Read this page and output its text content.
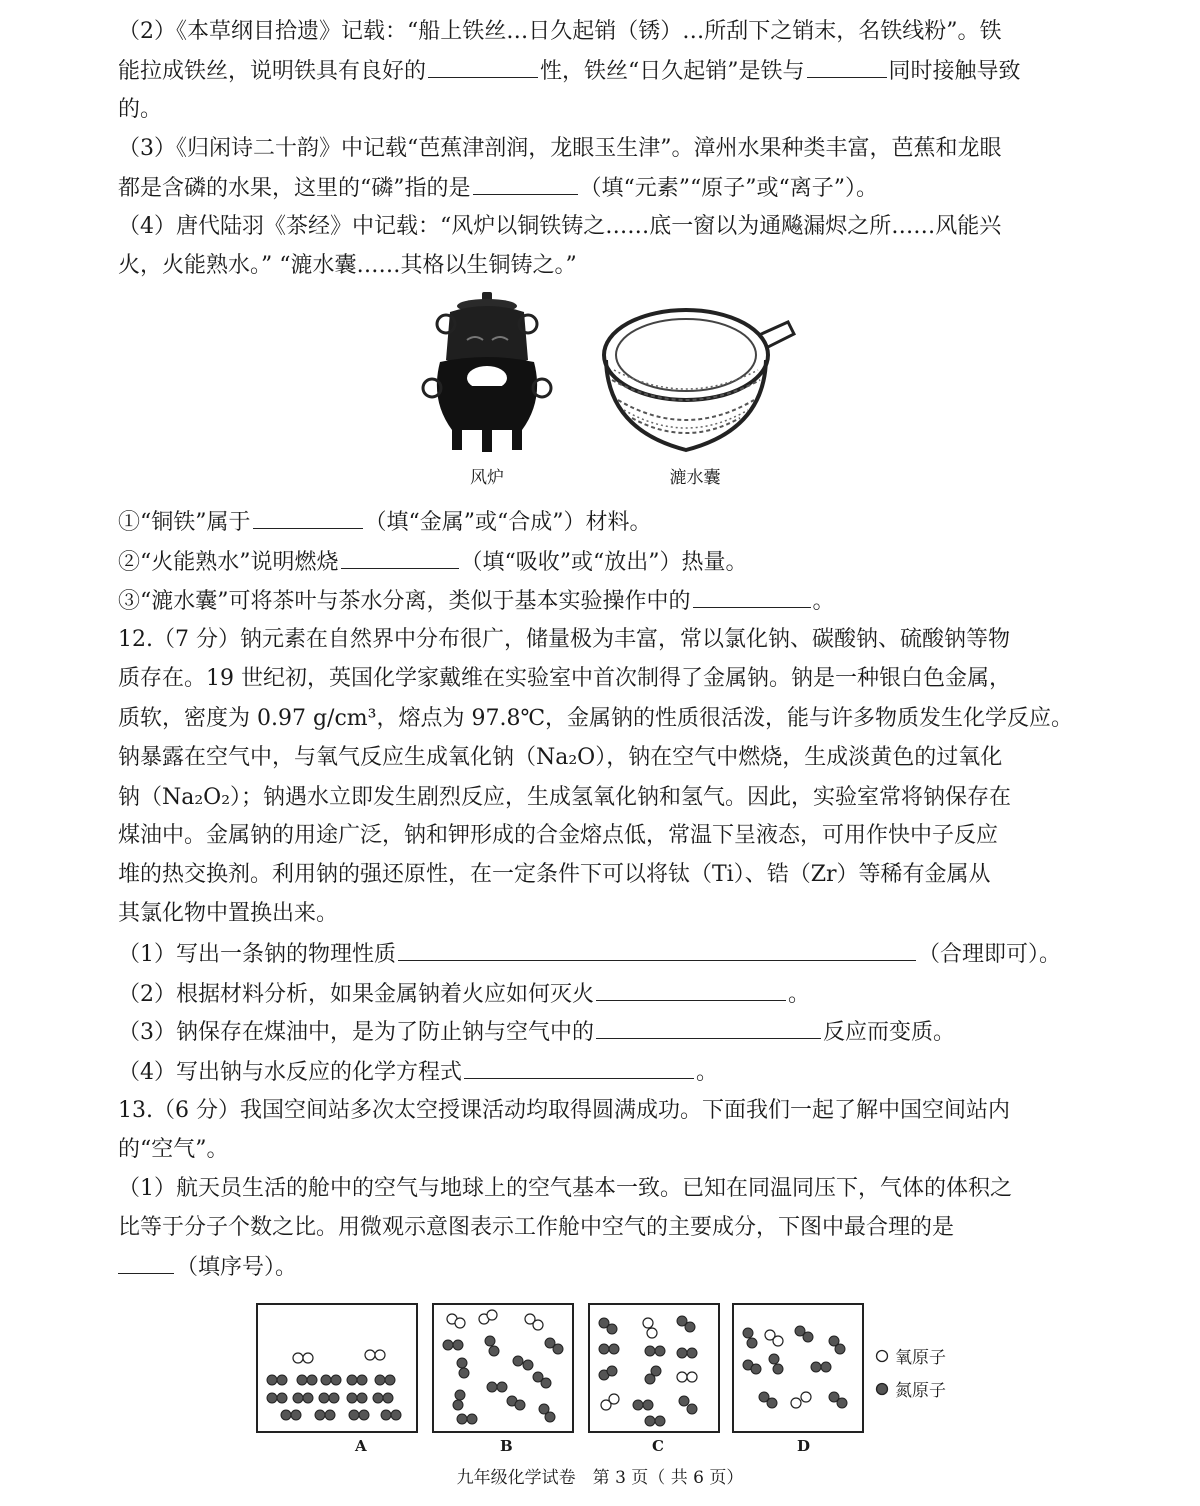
（2）《本草纲目拾遗》记载：“船上铁丝…日久起销（锈）…所刮下之销末，名铁线粉”。铁
能拉成铁丝，说明铁具有良好的	性，铁丝“日久起销”是铁与	同时接触导致
的。
（3）《归闲诗二十韵》中记载“芭蕉津剖润，龙眼玉生津”。漳州水果种类丰富，芭蕉和龙眼
都是含磷的水果，这里的“磷”指的是	（填“元素”“原子”或“离子”）。
（4）唐代陆羽《茶经》中记载：“风炉以铜铁铸之……底一窗以为通飚漏烬之所……风能兴
火，火能熟水。” “漉水囊……其格以生铜铸之。”
风炉	漉水囊
①“铜铁”属于	（填“金属”或“合成”）材料。
②“火能熟水”说明燃烧	（填“吸收”或“放出”）热量。
③“漉水囊”可将茶叶与茶水分离，类似于基本实验操作中的	。
12.（7 分）钠元素在自然界中分布很广，储量极为丰富，常以氯化钠、碳酸钠、硫酸钠等物
质存在。19 世纪初，英国化学家戴维在实验室中首次制得了金属钠。钠是一种银白色金属，
质软，密度为 0.97 g/cm³，熔点为 97.8℃，金属钠的性质很活泼，能与许多物质发生化学反应。
钠暴露在空气中，与氧气反应生成氧化钠（Na₂O），钠在空气中燃烧，生成淡黄色的过氧化
钠（Na₂O₂）；钠遇水立即发生剧烈反应，生成氢氧化钠和氢气。因此，实验室常将钠保存在
煤油中。金属钠的用途广泛，钠和钾形成的合金熔点低，常温下呈液态，可用作快中子反应
堆的热交换剂。利用钠的强还原性，在一定条件下可以将钛（Ti）、锆（Zr）等稀有金属从
其氯化物中置换出来。
（1）写出一条钠的物理性质	（合理即可）。
（2）根据材料分析，如果金属钠着火应如何灭火	。
（3）钠保存在煤油中，是为了防止钠与空气中的	反应而变质。
（4）写出钠与水反应的化学方程式	。
13.（6 分）我国空间站多次太空授课活动均取得圆满成功。下面我们一起了解中国空间站内
的“空气”。
（1）航天员生活的舱中的空气与地球上的空气基本一致。已知在同温同压下，气体的体积之
比等于分子个数之比。用微观示意图表示工作舱中空气的主要成分，下图中最合理的是
（填序号）。
A	B	C	D
氧原子
氮原子
九年级化学试卷　第 3 页（ 共 6 页）
